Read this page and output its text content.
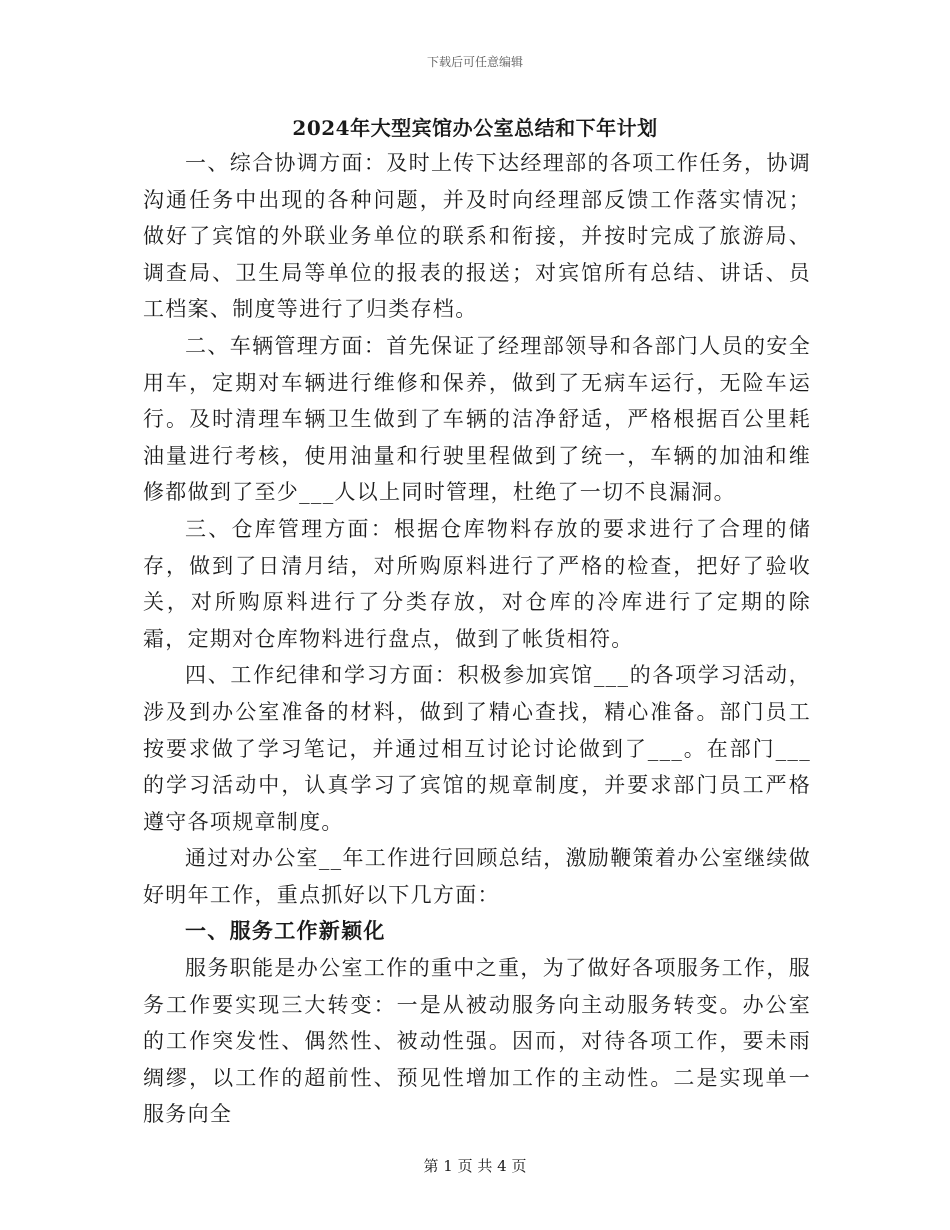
下载后可任意编辑
2024年大型宾馆办公室总结和下年计划

一、综合协调方面：及时上传下达经理部的各项工作任务，协调沟通任务中出现的各种问题，并及时向经理部反馈工作落实情况；做好了宾馆的外联业务单位的联系和衔接，并按时完成了旅游局、调查局、卫生局等单位的报表的报送；对宾馆所有总结、讲话、员工档案、制度等进行了归类存档。

二、车辆管理方面：首先保证了经理部领导和各部门人员的安全用车，定期对车辆进行维修和保养，做到了无病车运行，无险车运行。及时清理车辆卫生做到了车辆的洁净舒适，严格根据百公里耗油量进行考核，使用油量和行驶里程做到了统一，车辆的加油和维修都做到了至少___人以上同时管理，杜绝了一切不良漏洞。

三、仓库管理方面：根据仓库物料存放的要求进行了合理的储存，做到了日清月结，对所购原料进行了严格的检查，把好了验收关，对所购原料进行了分类存放，对仓库的冷库进行了定期的除霜，定期对仓库物料进行盘点，做到了帐货相符。

四、工作纪律和学习方面：积极参加宾馆___的各项学习活动，涉及到办公室准备的材料，做到了精心查找，精心准备。部门员工按要求做了学习笔记，并通过相互讨论讨论做到了___。在部门___的学习活动中，认真学习了宾馆的规章制度，并要求部门员工严格遵守各项规章制度。

通过对办公室__年工作进行回顾总结，激励鞭策着办公室继续做好明年工作，重点抓好以下几方面：

一、服务工作新颖化

服务职能是办公室工作的重中之重，为了做好各项服务工作，服务工作要实现三大转变：一是从被动服务向主动服务转变。办公室的工作突发性、偶然性、被动性强。因而，对待各项工作，要未雨绸缪，以工作的超前性、预见性增加工作的主动性。二是实现单一服务向全

第 1 页 共 4 页
